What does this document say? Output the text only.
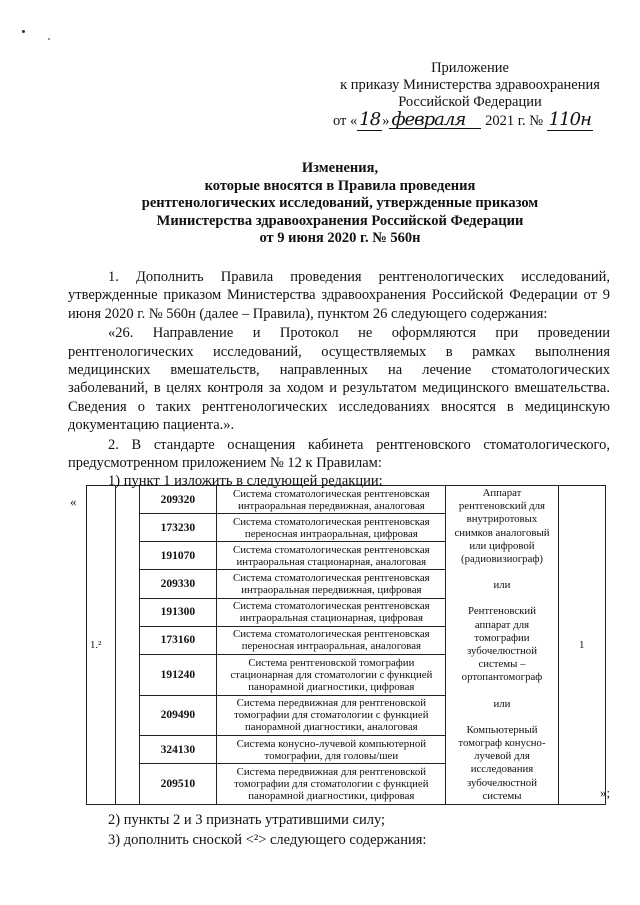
Приложение
к приказу Министерства здравоохранения
Российской Федерации
от « 18 » февраля 2021 г. № 110н
Изменения,
которые вносятся в Правила проведения
рентгенологических исследований, утвержденные приказом
Министерства здравоохранения Российской Федерации
от 9 июня 2020 г. № 560н

1. Дополнить Правила проведения рентгенологических исследований, утвержденные приказом Министерства здравоохранения Российской Федерации от 9 июня 2020 г. № 560н (далее – Правила), пунктом 26 следующего содержания:

«26. Направление и Протокол не оформляются при проведении рентгенологических исследований, осуществляемых в рамках выполнения медицинских вмешательств, направленных на лечение стоматологических заболеваний, в целях контроля за ходом и результатом медицинского вмешательства. Сведения о таких рентгенологических исследованиях вносятся в медицинскую документацию пациента.».

2. В стандарте оснащения кабинета рентгеновского стоматологического, предусмотренном приложением № 12 к Правилам:

1) пункт 1 изложить в следующей редакции:

«
1.²		209320	Система стоматологическая рентгеновская интраоральная передвижная, аналоговая	Аппарат рентгеновский для внутриротовых снимков аналоговый или цифровой (радиовизиограф)
или
Рентгеновский аппарат для томографии зубочелюстной системы – ортопантомограф
или
Компьютерный томограф конусно-лучевой для исследования зубочелюстной системы	1
		173230	Система стоматологическая рентгеновская переносная интраоральная, цифровая		
		191070	Система стоматологическая рентгеновская интраоральная стационарная, аналоговая		
		209330	Система стоматологическая рентгеновская интраоральная передвижная, цифровая		
		191300	Система стоматологическая рентгеновская интраоральная стационарная, цифровая		
		173160	Система стоматологическая рентгеновская переносная интраоральная, аналоговая		
		191240	Система рентгеновской томографии стационарная для стоматологии с функцией панорамной диагностики, цифровая		
		209490	Система передвижная для рентгеновской томографии для стоматологии с функцией панорамной диагностики, аналоговая		
		324130	Система конусно-лучевой компьютерной томографии, для головы/шеи		
		209510	Система передвижная для рентгеновской томографии для стоматологии с функцией панорамной диагностики, цифровая			»;

2) пункты 2 и 3 признать утратившими силу;

3) дополнить сноской <²> следующего содержания:
